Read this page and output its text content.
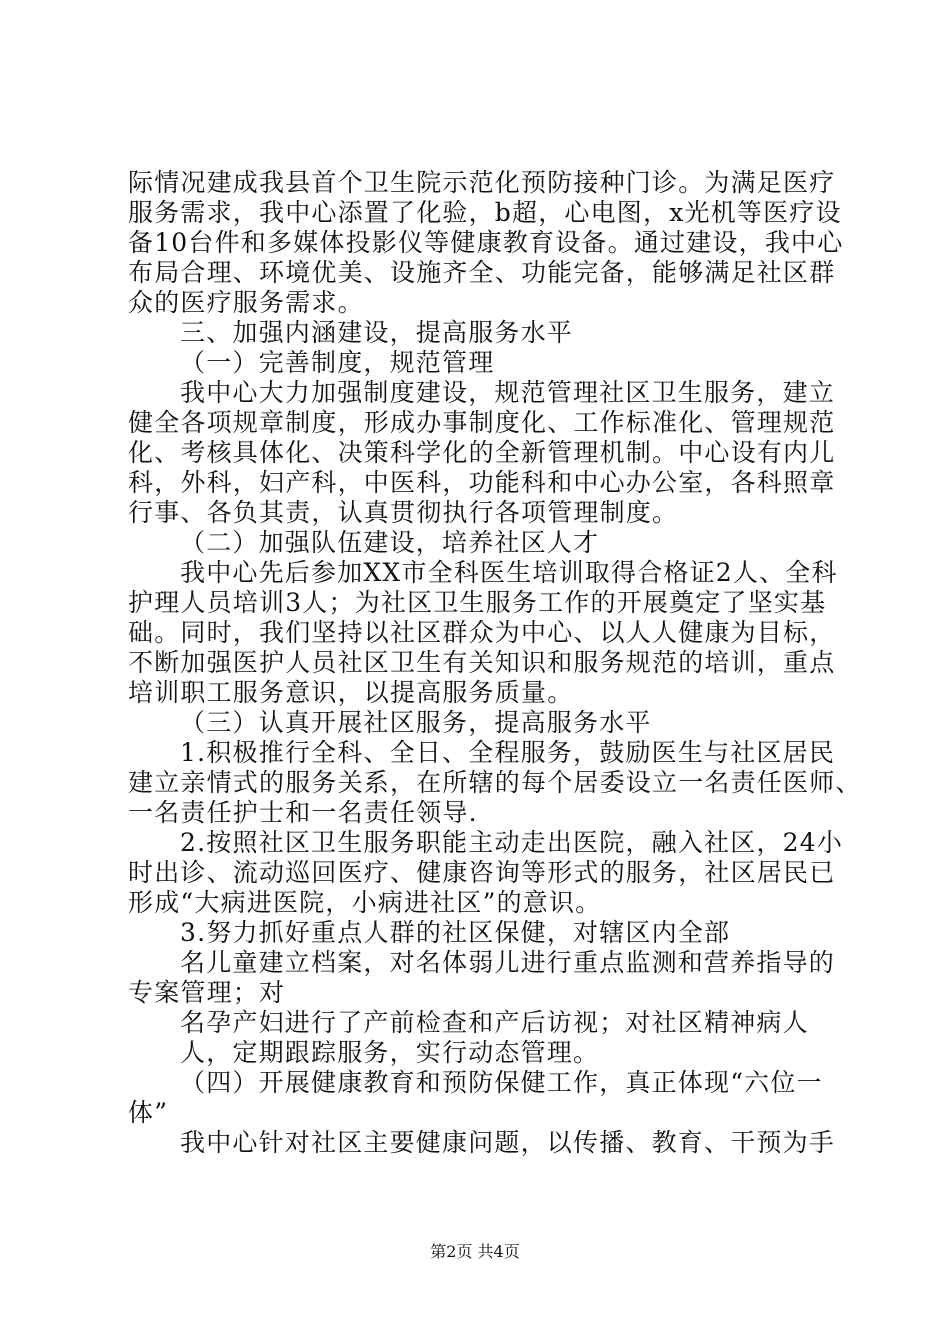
际情况建成我县首个卫生院示范化预防接种门诊。为满足医疗
服务需求，我中心添置了化验，b超，心电图，x光机等医疗设
备10台件和多媒体投影仪等健康教育设备。通过建设，我中心
布局合理、环境优美、设施齐全、功能完备，能够满足社区群
众的医疗服务需求。
三、加强内涵建设，提高服务水平
（一）完善制度，规范管理
我中心大力加强制度建设，规范管理社区卫生服务，建立
健全各项规章制度，形成办事制度化、工作标准化、管理规范
化、考核具体化、决策科学化的全新管理机制。中心设有内儿
科，外科，妇产科，中医科，功能科和中心办公室，各科照章
行事、各负其责，认真贯彻执行各项管理制度。
（二）加强队伍建设，培养社区人才
我中心先后参加XX市全科医生培训取得合格证2人、全科
护理人员培训3人；为社区卫生服务工作的开展奠定了坚实基
础。同时，我们坚持以社区群众为中心、以人人健康为目标，
不断加强医护人员社区卫生有关知识和服务规范的培训，重点
培训职工服务意识，以提高服务质量。
（三）认真开展社区服务，提高服务水平
1.积极推行全科、全日、全程服务，鼓励医生与社区居民
建立亲情式的服务关系，在所辖的每个居委设立一名责任医师、
一名责任护士和一名责任领导.
2.按照社区卫生服务职能主动走出医院，融入社区，24小
时出诊、流动巡回医疗、健康咨询等形式的服务，社区居民已
形成“大病进医院，小病进社区”的意识。
3.努力抓好重点人群的社区保健，对辖区内全部
名儿童建立档案，对名体弱儿进行重点监测和营养指导的
专案管理；对
名孕产妇进行了产前检查和产后访视；对社区精神病人
人，定期跟踪服务，实行动态管理。
（四）开展健康教育和预防保健工作，真正体现“六位一
体”
我中心针对社区主要健康问题，以传播、教育、干预为手
第2页 共4页
